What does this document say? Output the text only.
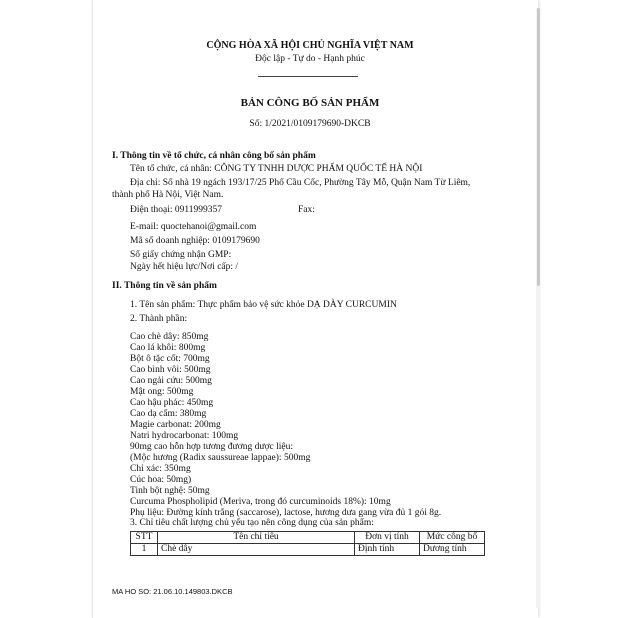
CỘNG HÒA XÃ HỘI CHỦ NGHĨA VIỆT NAM
Độc lập - Tự do - Hạnh phúc
BẢN CÔNG BỐ SẢN PHẨM
Số: 1/2021/0109179690-DKCB
I. Thông tin về tổ chức, cá nhân công bố sản phẩm
Tên tổ chức, cá nhân: CÔNG TY TNHH DƯỢC PHẨM QUỐC TẾ HÀ NỘI
Địa chỉ: Số nhà 19 ngách 193/17/25 Phố Cầu Cốc, Phường Tây Mỗ, Quận Nam Từ Liêm,
thành phố Hà Nội, Việt Nam.
Điện thoại: 0911999357	Fax:
E-mail: quoctehanoi@gmail.com
Mã số doanh nghiệp: 0109179690
Số giấy chứng nhận GMP:
Ngày hết hiệu lực/Nơi cấp: /
II. Thông tin về sản phẩm
1. Tên sản phẩm: Thực phẩm bảo vệ sức khỏe DẠ DÀY CURCUMIN
2. Thành phần:
Cao chè dây: 850mg
Cao lá khôi: 800mg
Bột ô tặc cốt: 700mg
Cao bình vôi: 500mg
Cao ngải cứu: 500mg
Mật ong: 500mg
Cao hậu phác: 450mg
Cao dạ cẩm: 380mg
Magie carbonat: 200mg
Natri hydrocarbonat: 100mg
90mg cao hỗn hợp tương đương dược liệu:
(Mộc hương (Radix saussureae lappae): 500mg
Chỉ xác: 350mg
Cúc hoa: 50mg)
Tinh bột nghệ: 50mg
Curcuma Phospholipid (Meriva, trong đó curcuminoids 18%): 10mg
Phụ liệu: Đường kính trắng (saccarose), lactose, hương dưa gang vừa đủ 1 gói 8g.
3. Chỉ tiêu chất lượng chủ yếu tạo nên công dụng của sản phẩm:
STT	Tên chỉ tiêu	Đơn vị tính	Mức công bố
1	Chè dây	Định tính	Dương tính
MA HO SO: 21.06.10.149803.DKCB
